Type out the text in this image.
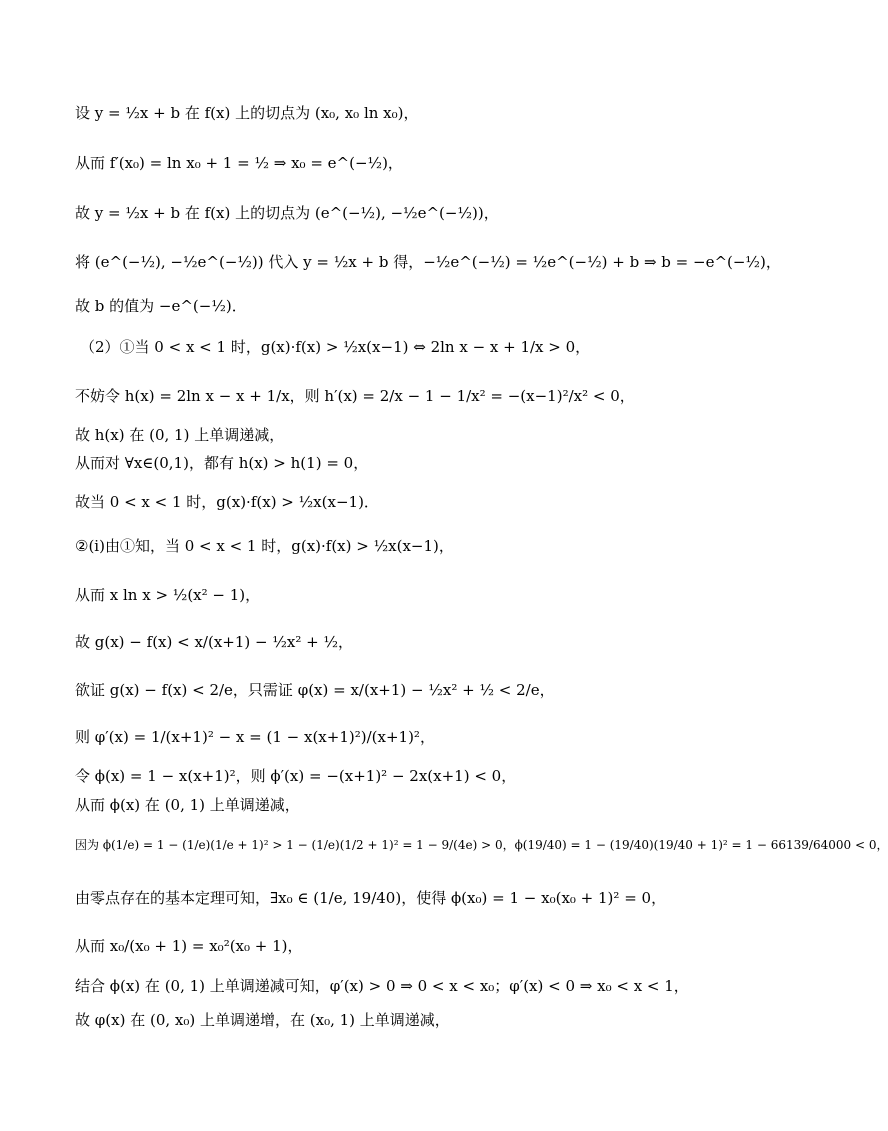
设 y = ½x + b 在 f(x) 上的切点为 (x₀, x₀ ln x₀)，
从而 f′(x₀) = ln x₀ + 1 = ½ ⇒ x₀ = e^(−½)，
故 y = ½x + b 在 f(x) 上的切点为 (e^(−½), −½e^(−½))，
将 (e^(−½), −½e^(−½)) 代入 y = ½x + b 得，−½e^(−½) = ½e^(−½) + b ⇒ b = −e^(−½)，
故 b 的值为 −e^(−½)．
（2）①当 0 < x < 1 时，g(x)·f(x) > ½x(x−1) ⇔ 2ln x − x + 1/x > 0，
不妨令 h(x) = 2ln x − x + 1/x，则 h′(x) = 2/x − 1 − 1/x² = −(x−1)²/x² < 0，
故 h(x) 在 (0, 1) 上单调递减，
从而对 ∀x∈(0,1)，都有 h(x) > h(1) = 0，
故当 0 < x < 1 时，g(x)·f(x) > ½x(x−1)．
②(i)由①知，当 0 < x < 1 时，g(x)·f(x) > ½x(x−1)，
从而 x ln x > ½(x² − 1)，
故 g(x) − f(x) < x/(x+1) − ½x² + ½，
欲证 g(x) − f(x) < 2/e，只需证 φ(x) = x/(x+1) − ½x² + ½ < 2/e，
则 φ′(x) = 1/(x+1)² − x = (1 − x(x+1)²)/(x+1)²，
令 ϕ(x) = 1 − x(x+1)²，则 ϕ′(x) = −(x+1)² − 2x(x+1) < 0，
从而 ϕ(x) 在 (0, 1) 上单调递减，
因为 ϕ(1/e) = 1 − (1/e)(1/e + 1)² > 1 − (1/e)(1/2 + 1)² = 1 − 9/(4e) > 0，ϕ(19/40) = 1 − (19/40)(19/40 + 1)² = 1 − 66139/64000 < 0，
由零点存在的基本定理可知，∃x₀ ∈ (1/e, 19/40)，使得 ϕ(x₀) = 1 − x₀(x₀ + 1)² = 0，
从而 x₀/(x₀ + 1) = x₀²(x₀ + 1)，
结合 ϕ(x) 在 (0, 1) 上单调递减可知，φ′(x) > 0 ⇒ 0 < x < x₀；φ′(x) < 0 ⇒ x₀ < x < 1，
故 φ(x) 在 (0, x₀) 上单调递增，在 (x₀, 1) 上单调递减，
